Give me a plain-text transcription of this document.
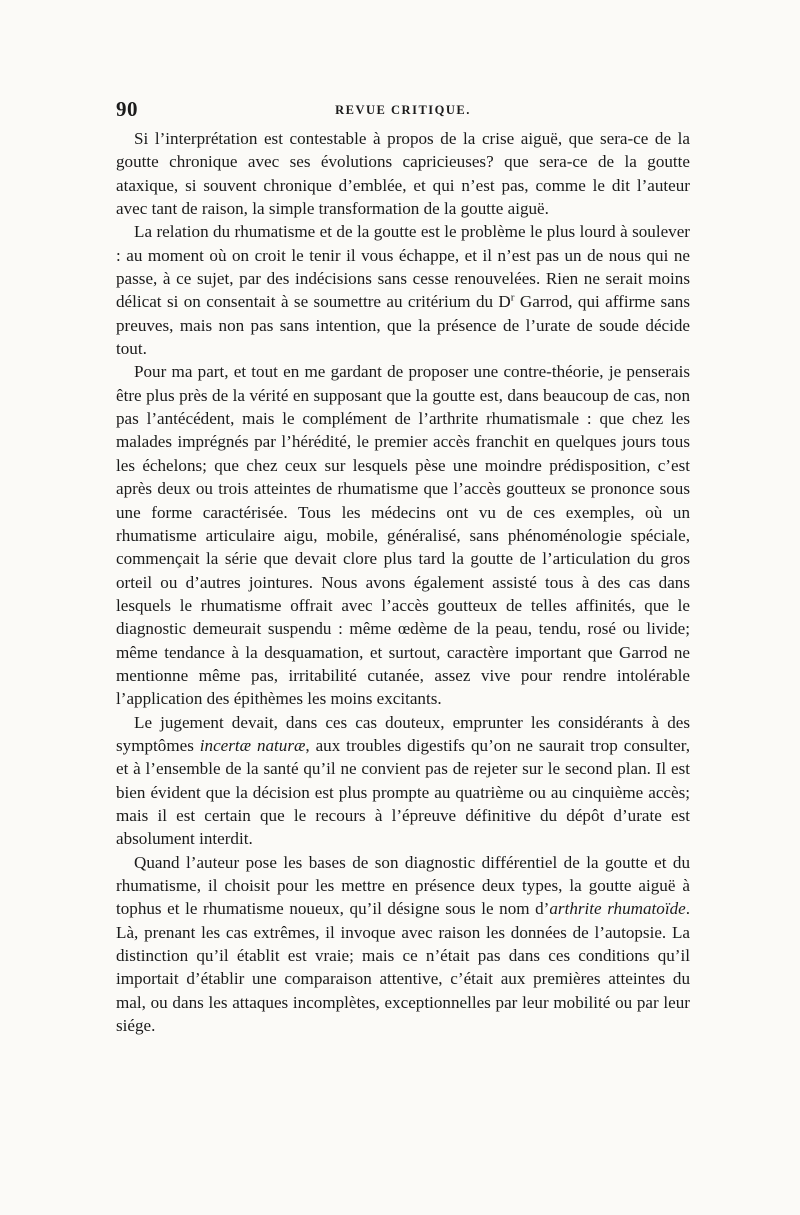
90	REVUE CRITIQUE.

Si l’interprétation est contestable à propos de la crise aiguë, que sera-ce de la goutte chronique avec ses évolutions capricieuses? que sera-ce de la goutte ataxique, si souvent chronique d’emblée, et qui n’est pas, comme le dit l’auteur avec tant de raison, la simple transformation de la goutte aiguë.

La relation du rhumatisme et de la goutte est le problème le plus lourd à soulever : au moment où on croit le tenir il vous échappe, et il n’est pas un de nous qui ne passe, à ce sujet, par des indécisions sans cesse renouvelées. Rien ne serait moins délicat si on consentait à se soumettre au critérium du $D^r$ Garrod, qui affirme sans preuves, mais non pas sans intention, que la présence de l’urate de soude décide tout.

Pour ma part, et tout en me gardant de proposer une contre-théorie, je penserais être plus près de la vérité en supposant que la goutte est, dans beaucoup de cas, non pas l’antécédent, mais le complément de l’arthrite rhumatismale : que chez les malades imprégnés par l’hérédité, le premier accès franchit en quelques jours tous les échelons; que chez ceux sur lesquels pèse une moindre prédisposition, c’est après deux ou trois atteintes de rhumatisme que l’accès goutteux se prononce sous une forme caractérisée. Tous les médecins ont vu de ces exemples, où un rhumatisme articulaire aigu, mobile, généralisé, sans phénoménologie spéciale, commençait la série que devait clore plus tard la goutte de l’articulation du gros orteil ou d’autres jointures. Nous avons également assisté tous à des cas dans lesquels le rhumatisme offrait avec l’accès goutteux de telles affinités, que le diagnostic demeurait suspendu : même œdème de la peau, tendu, rosé ou livide; même tendance à la desquamation, et surtout, caractère important que Garrod ne mentionne même pas, irritabilité cutanée, assez vive pour rendre intolérable l’application des épithèmes les moins excitants.

Le jugement devait, dans ces cas douteux, emprunter les considérants à des symptômes incertæ naturæ, aux troubles digestifs qu’on ne saurait trop consulter, et à l’ensemble de la santé qu’il ne convient pas de rejeter sur le second plan. Il est bien évident que la décision est plus prompte au quatrième ou au cinquième accès; mais il est certain que le recours à l’épreuve définitive du dépôt d’urate est absolument interdit.

Quand l’auteur pose les bases de son diagnostic différentiel de la goutte et du rhumatisme, il choisit pour les mettre en présence deux types, la goutte aiguë à tophus et le rhumatisme noueux, qu’il désigne sous le nom d’arthrite rhumatoïde. Là, prenant les cas extrêmes, il invoque avec raison les données de l’autopsie. La distinction qu’il établit est vraie; mais ce n’était pas dans ces conditions qu’il importait d’établir une comparaison attentive, c’était aux premières atteintes du mal, ou dans les attaques incomplètes, exceptionnelles par leur mobilité ou par leur siége.
